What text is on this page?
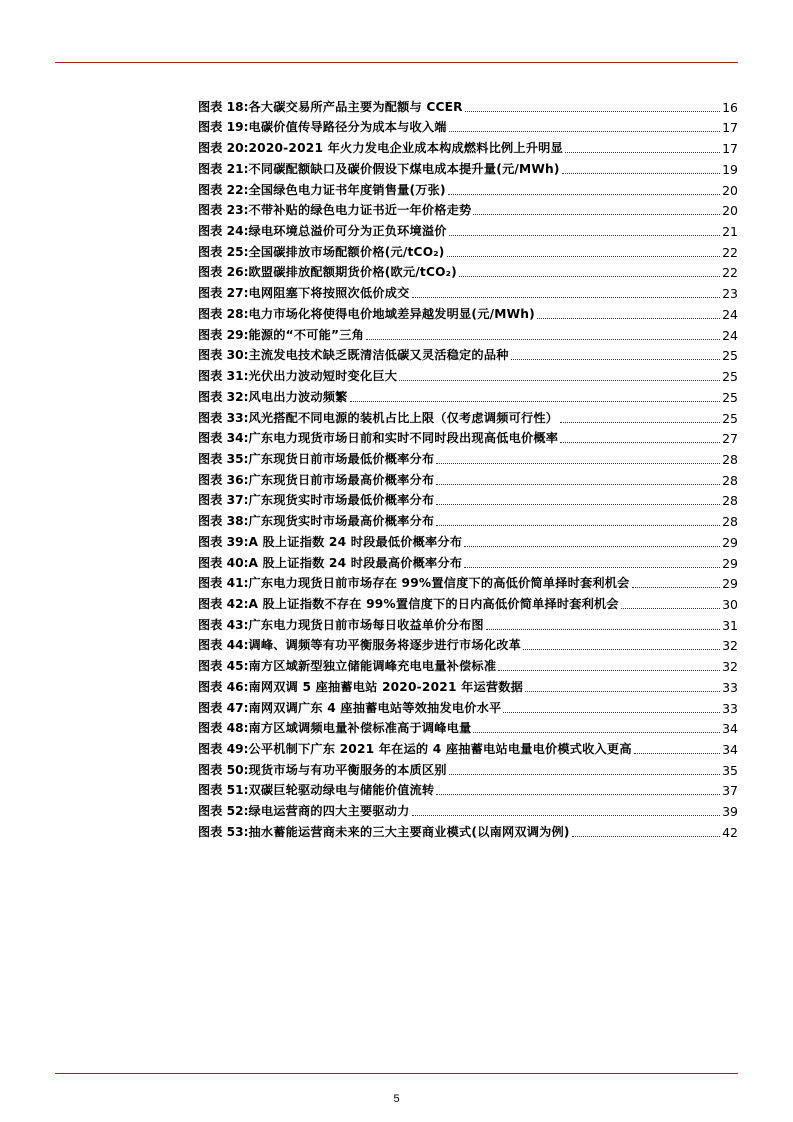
图表 18: 各大碳交易所产品主要为配额与 CCER	16
图表 19: 电碳价值传导路径分为成本与收入端	17
图表 20: 2020-2021 年火力发电企业成本构成燃料比例上升明显	17
图表 21: 不同碳配额缺口及碳价假设下煤电成本提升量(元/MWh)	19
图表 22: 全国绿色电力证书年度销售量(万张)	20
图表 23: 不带补贴的绿色电力证书近一年价格走势	20
图表 24: 绿电环境总溢价可分为正负环境溢价	21
图表 25: 全国碳排放市场配额价格(元/tCO₂)	22
图表 26: 欧盟碳排放配额期货价格(欧元/tCO₂)	22
图表 27: 电网阻塞下将按照次低价成交	23
图表 28: 电力市场化将使得电价地域差异越发明显(元/MWh)	24
图表 29: 能源的“不可能”三角	24
图表 30: 主流发电技术缺乏既清洁低碳又灵活稳定的品种	25
图表 31: 光伏出力波动短时变化巨大	25
图表 32: 风电出力波动频繁	25
图表 33: 风光搭配不同电源的装机占比上限（仅考虑调频可行性）	25
图表 34: 广东电力现货市场日前和实时不同时段出现高低电价概率	27
图表 35: 广东现货日前市场最低价概率分布	28
图表 36: 广东现货日前市场最高价概率分布	28
图表 37: 广东现货实时市场最低价概率分布	28
图表 38: 广东现货实时市场最高价概率分布	28
图表 39: A 股上证指数 24 时段最低价概率分布	29
图表 40: A 股上证指数 24 时段最高价概率分布	29
图表 41: 广东电力现货日前市场存在 99%置信度下的高低价简单择时套利机会	29
图表 42: A 股上证指数不存在 99%置信度下的日内高低价简单择时套利机会	30
图表 43: 广东电力现货日前市场每日收益单价分布图	31
图表 44: 调峰、调频等有功平衡服务将逐步进行市场化改革	32
图表 45: 南方区域新型独立储能调峰充电电量补偿标准	32
图表 46: 南网双调 5 座抽蓄电站 2020-2021 年运营数据	33
图表 47: 南网双调广东 4 座抽蓄电站等效抽发电价水平	33
图表 48: 南方区域调频电量补偿标准高于调峰电量	34
图表 49: 公平机制下广东 2021 年在运的 4 座抽蓄电站电量电价模式收入更高	34
图表 50: 现货市场与有功平衡服务的本质区别	35
图表 51: 双碳巨轮驱动绿电与储能价值流转	37
图表 52: 绿电运营商的四大主要驱动力	39
图表 53: 抽水蓄能运营商未来的三大主要商业模式(以南网双调为例)	42
5
